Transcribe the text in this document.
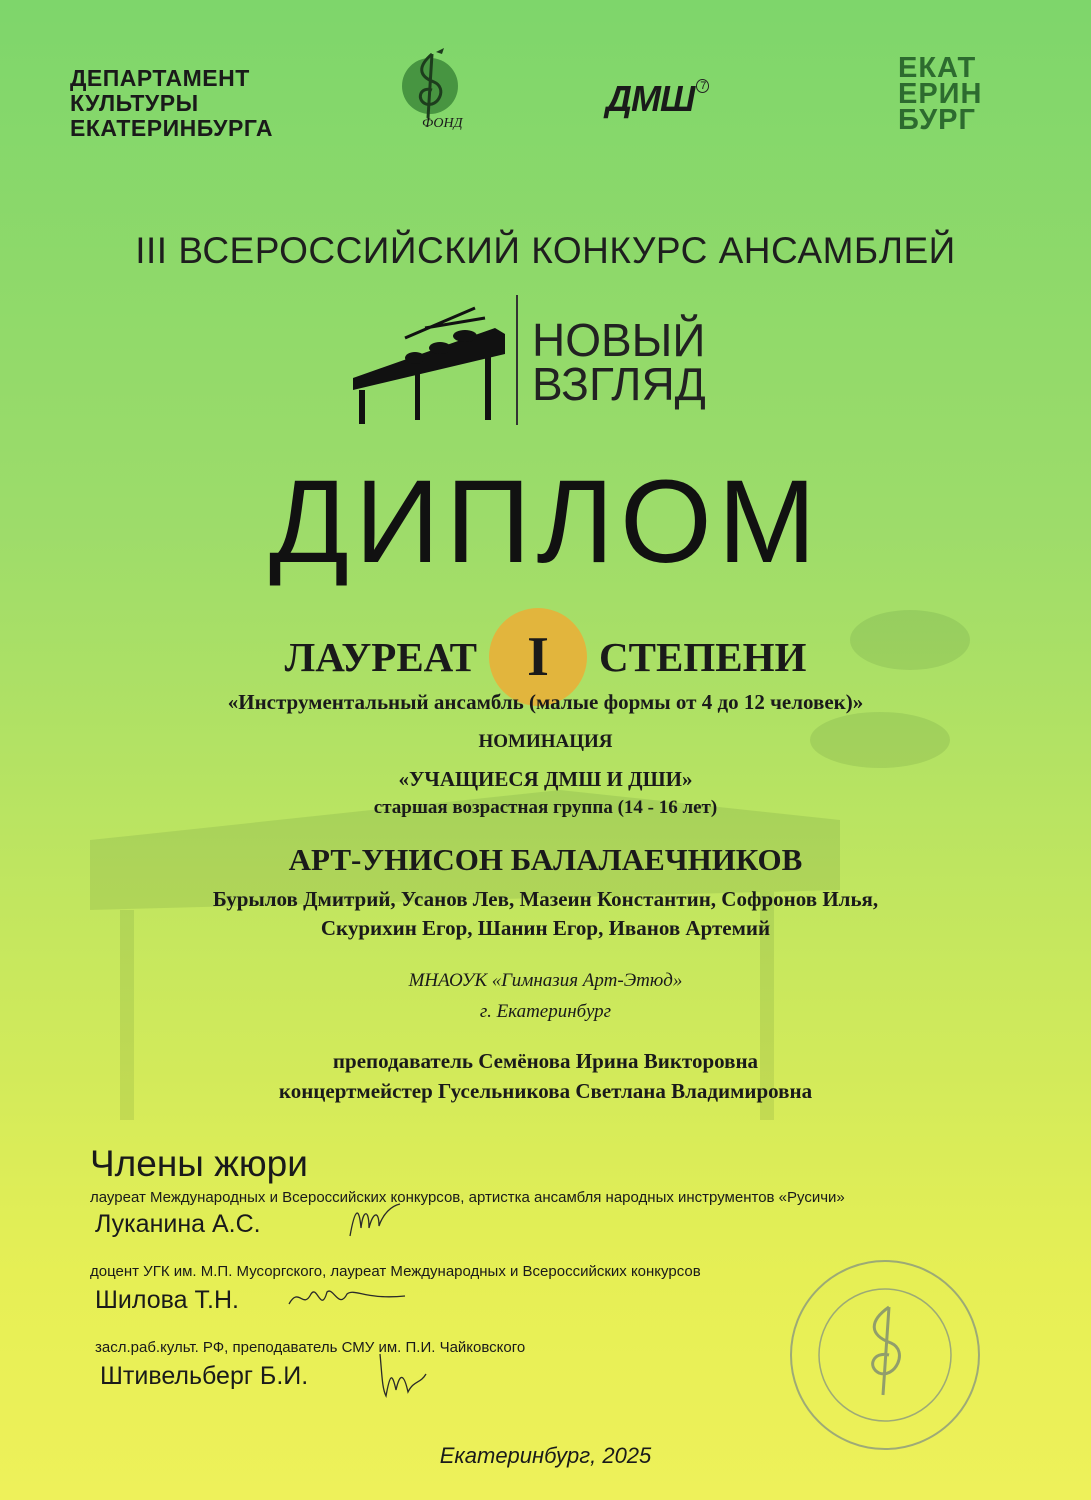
ДЕПАРТАМЕНТ
КУЛЬТУРЫ
ЕКАТЕРИНБУРГА	ФОНД
ДМШ $^7$
ЕКАТ
ЕРИН
БУРГ
III ВСЕРОССИЙСКИЙ КОНКУРС АНСАМБЛЕЙ
НОВЫЙ
ВЗГЛЯД
ДИПЛОМ
ЛАУРЕАТ I СТЕПЕНИ
«Инструментальный ансамбль (малые формы от 4 до 12 человек)»
НОМИНАЦИЯ
«УЧАЩИЕСЯ ДМШ И ДШИ»
старшая возрастная группа (14 - 16 лет)
АРТ-УНИСОН БАЛАЛАЕЧНИКОВ
Бурылов Дмитрий, Усанов Лев, Мазеин Константин, Софронов Илья,
Скурихин Егор, Шанин Егор, Иванов Артемий
МНАОУК «Гимназия Арт-Этюд»
г. Екатеринбург
преподаватель Семёнова Ирина Викторовна
концертмейстер Гусельникова Светлана Владимировна
Члены жюри
лауреат Международных и Всероссийских конкурсов, артистка ансамбля народных инструментов «Русичи»
Луканина А.С.
доцент УГК им. М.П. Мусоргского, лауреат Международных и Всероссийских конкурсов
Шилова Т.Н.
засл.раб.культ. РФ, преподаватель СМУ им. П.И. Чайковского
Штивельберг Б.И.
Екатеринбург, 2025
